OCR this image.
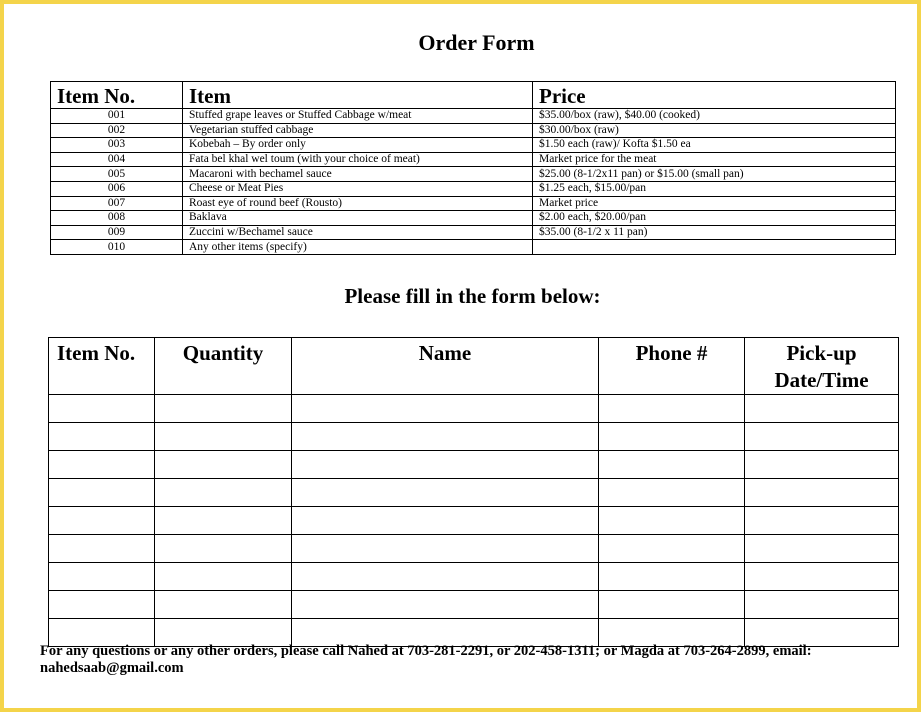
Order Form
Item No.	Item	Price
001	Stuffed grape leaves or Stuffed Cabbage w/meat	$35.00/box (raw), $40.00 (cooked)
002	Vegetarian stuffed cabbage	$30.00/box (raw)
003	Kobebah – By order only	$1.50 each (raw)/ Kofta $1.50 ea
004	Fata bel khal wel toum (with your choice of meat)	Market price for the meat
005	Macaroni with bechamel sauce	$25.00 (8-1/2x11 pan) or $15.00 (small pan)
006	Cheese or Meat Pies	$1.25 each, $15.00/pan
007	Roast eye of round beef (Rousto)	Market price
008	Baklava	$2.00 each, $20.00/pan
009	Zuccini w/Bechamel sauce	$35.00 (8-1/2 x 11 pan)
010	Any other items (specify)	
Please fill in the form below:
Item No.	Quantity	Name	Phone #	Pick-up
Date/Time

For any questions or any other orders, please call Nahed at 703-281-2291, or 202-458-1311; or Magda at 703-264-2899, email:
nahedsaab@gmail.com
